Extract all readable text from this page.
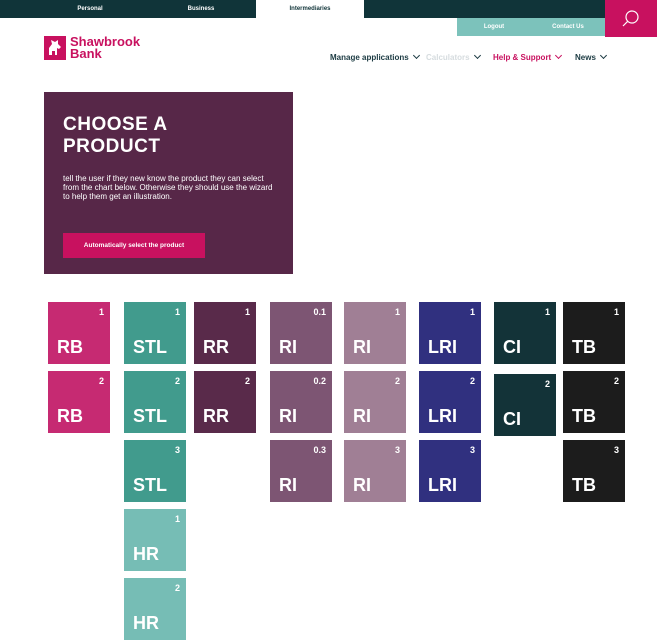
Personal	Business	Intermediaries
Logout	Contact Us
Shawbrook
Bank	Manage applications	Calculators	Help & Support	News
CHOOSE A PRODUCT

tell the user if they new know the product they can select from the chart below. Otherwise they should use the wizard to help them get an illustration.

Automatically select the product
1
RB
2
RB
1
STL
2
STL
3
STL
1
HR
2
HR
1
RR
2
RR
0.1
RI
0.2
RI
0.3
RI
1
RI
2
RI
3
RI
1
LRI
2
LRI
3
LRI
1
CI
2
CI
1
TB
2
TB
3
TB
